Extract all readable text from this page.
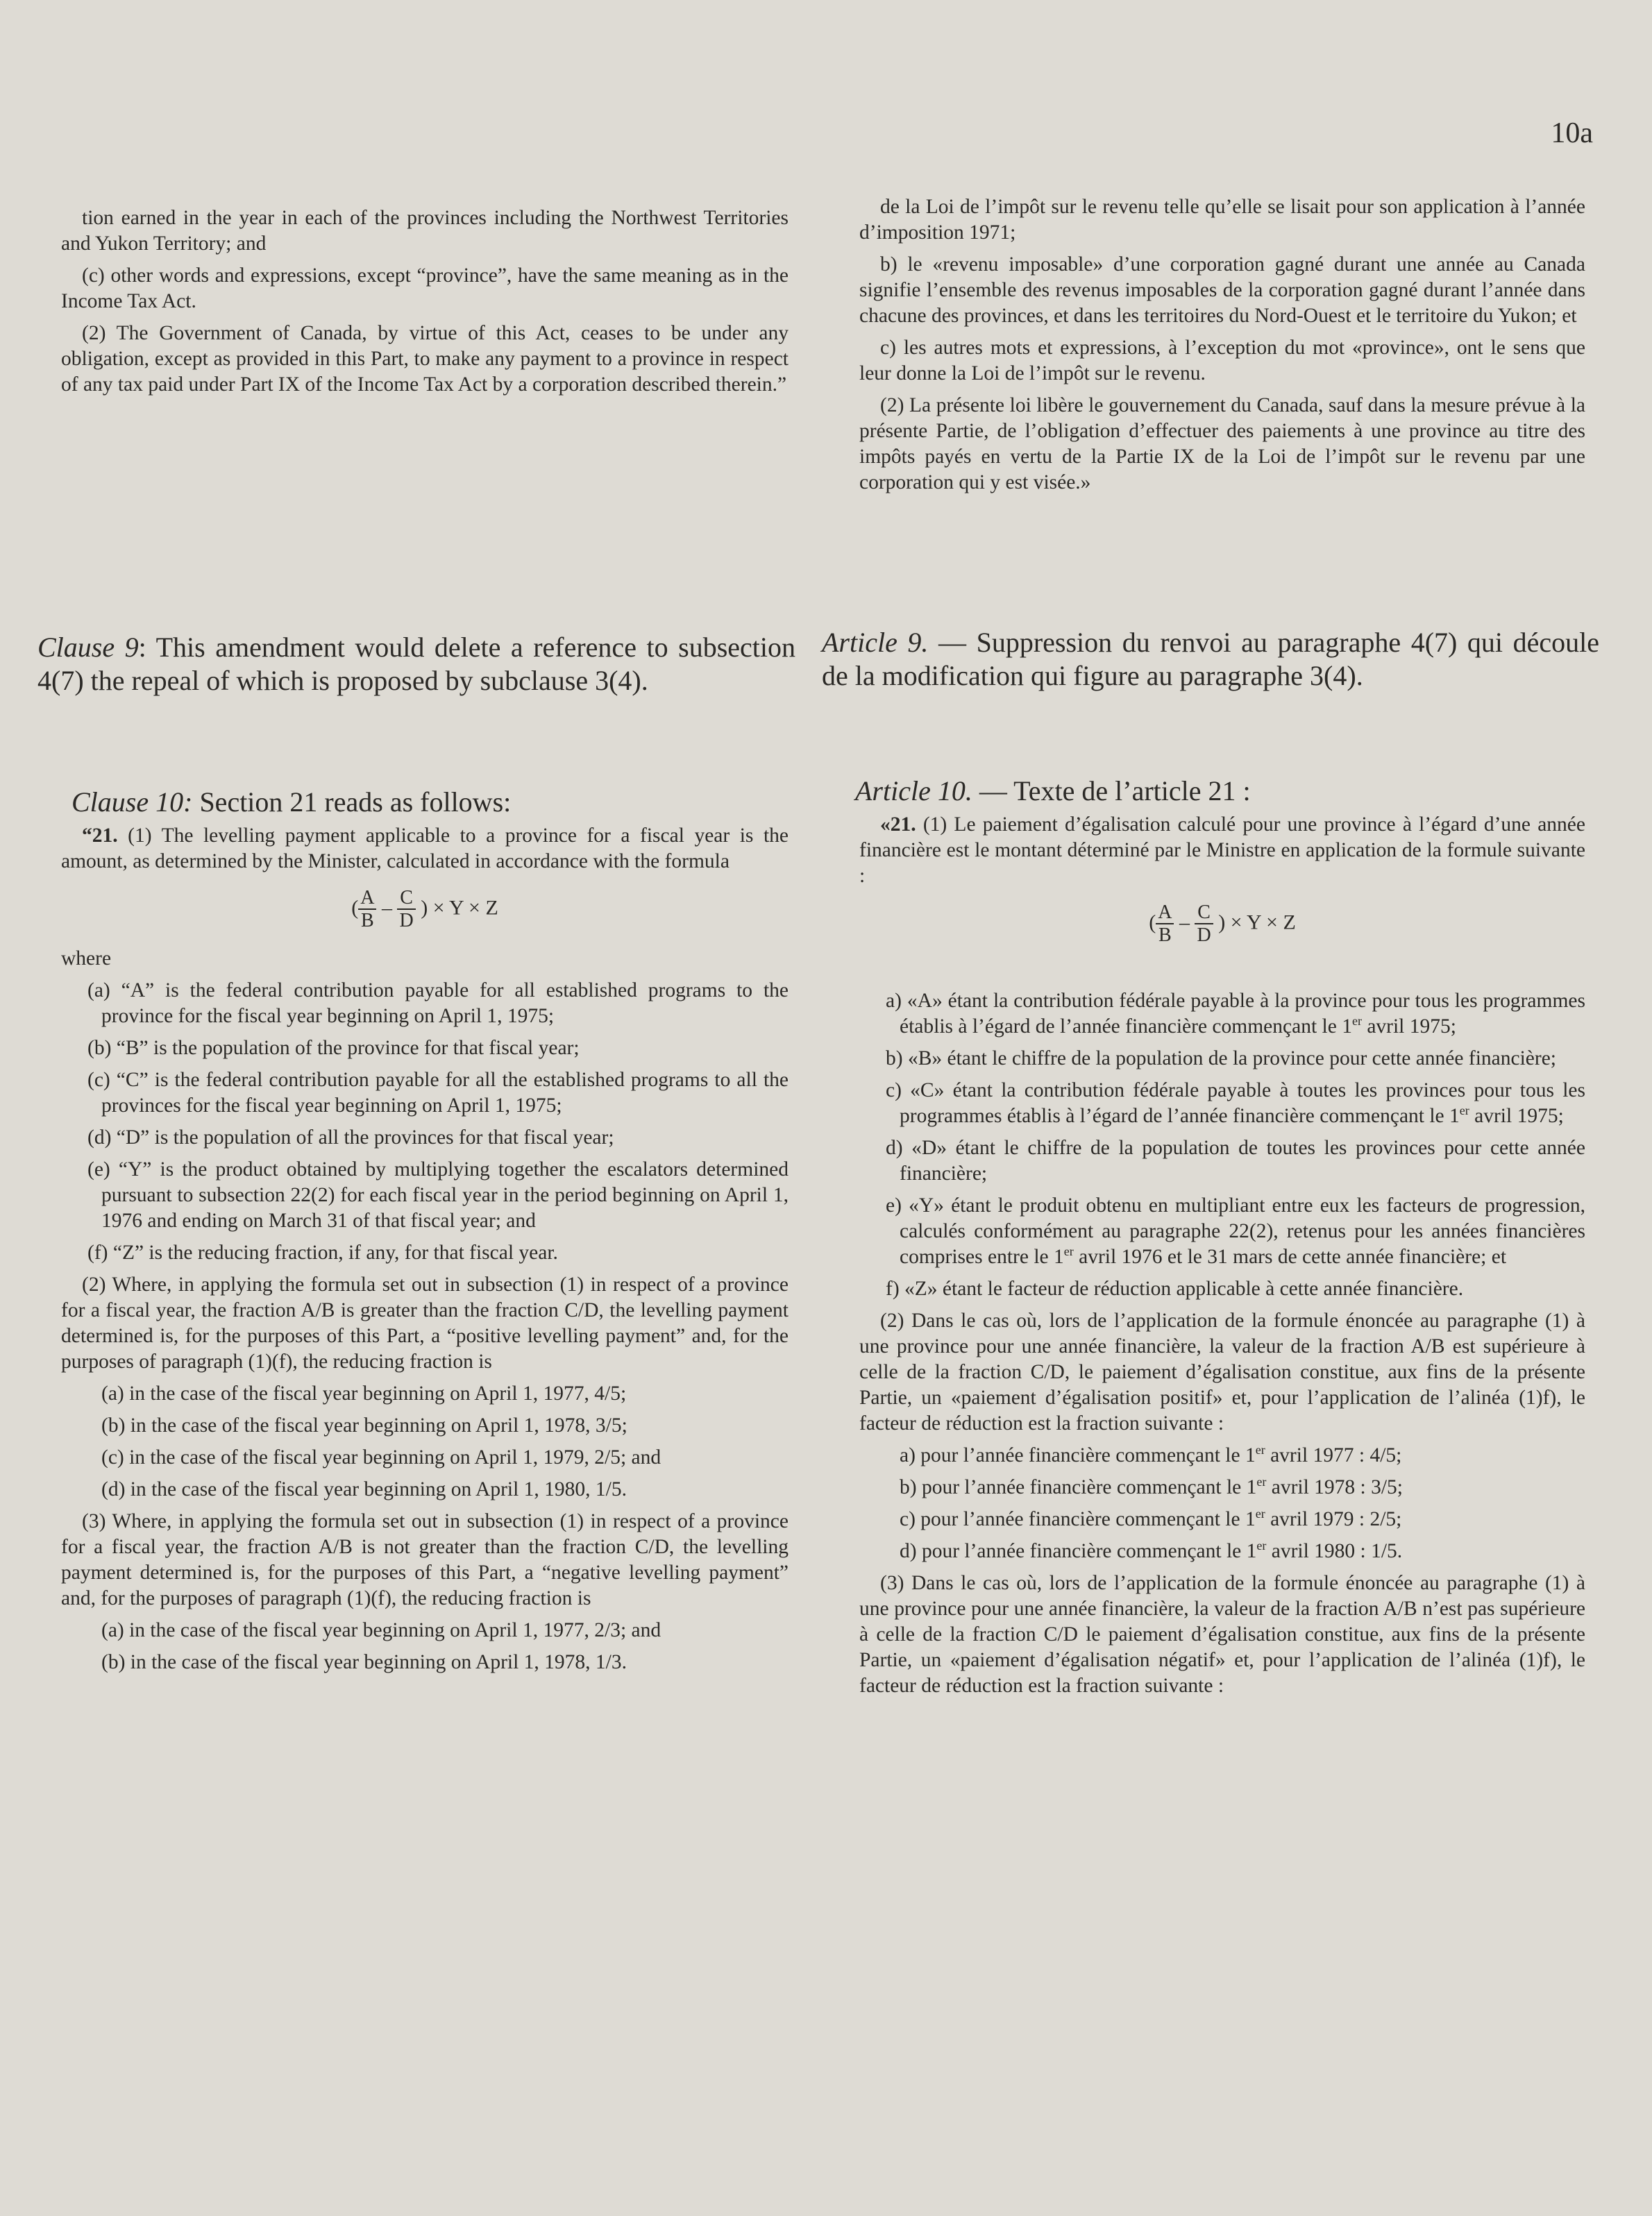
10a

tion earned in the year in each of the provinces including the Northwest Territories and Yukon Territory; and

(c) other words and expressions, except “province”, have the same meaning as in the Income Tax Act.

(2) The Government of Canada, by virtue of this Act, ceases to be under any obligation, except as provided in this Part, to make any payment to a province in respect of any tax paid under Part IX of the Income Tax Act by a corporation described therein.”

Clause 9: This amendment would delete a reference to subsection 4(7) the repeal of which is proposed by subclause 3(4).

Clause 10: Section 21 reads as follows:

“21. (1) The levelling payment applicable to a province for a fiscal year is the amount, as determined by the Minister, calculated in accordance with the formula

( $\frac{A}{B} - \frac{C}{D}$ ) × Y × Z

where

(a) “A” is the federal contribution payable for all established programs to the province for the fiscal year beginning on April 1, 1975;

(b) “B” is the population of the province for that fiscal year;

(c) “C” is the federal contribution payable for all the established programs to all the provinces for the fiscal year beginning on April 1, 1975;

(d) “D” is the population of all the provinces for that fiscal year;

(e) “Y” is the product obtained by multiplying together the escalators determined pursuant to subsection 22(2) for each fiscal year in the period beginning on April 1, 1976 and ending on March 31 of that fiscal year; and

(f) “Z” is the reducing fraction, if any, for that fiscal year.

(2) Where, in applying the formula set out in subsection (1) in respect of a province for a fiscal year, the fraction A/B is greater than the fraction C/D, the levelling payment determined is, for the purposes of this Part, a “positive levelling payment” and, for the purposes of paragraph (1)(f), the reducing fraction is

(a) in the case of the fiscal year beginning on April 1, 1977, 4/5;

(b) in the case of the fiscal year beginning on April 1, 1978, 3/5;

(c) in the case of the fiscal year beginning on April 1, 1979, 2/5; and

(d) in the case of the fiscal year beginning on April 1, 1980, 1/5.

(3) Where, in applying the formula set out in subsection (1) in respect of a province for a fiscal year, the fraction A/B is not greater than the fraction C/D, the levelling payment determined is, for the purposes of this Part, a “negative levelling payment” and, for the purposes of paragraph (1)(f), the reducing fraction is

(a) in the case of the fiscal year beginning on April 1, 1977, 2/3; and

(b) in the case of the fiscal year beginning on April 1, 1978, 1/3.

de la Loi de l’impôt sur le revenu telle qu’elle se lisait pour son application à l’année d’imposition 1971;

b) le «revenu imposable» d’une corporation gagné durant une année au Canada signifie l’ensemble des revenus imposables de la corporation gagné durant l’année dans chacune des provinces, et dans les territoires du Nord-Ouest et le territoire du Yukon; et

c) les autres mots et expressions, à l’exception du mot «province», ont le sens que leur donne la Loi de l’impôt sur le revenu.

(2) La présente loi libère le gouvernement du Canada, sauf dans la mesure prévue à la présente Partie, de l’obligation d’effectuer des paiements à une province au titre des impôts payés en vertu de la Partie IX de la Loi de l’impôt sur le revenu par une corporation qui y est visée.»

Article 9. — Suppression du renvoi au paragraphe 4(7) qui découle de la modification qui figure au paragraphe 3(4).

Article 10. — Texte de l’article 21 :

«21. (1) Le paiement d’égalisation calculé pour une province à l’égard d’une année financière est le montant déterminé par le Ministre en application de la formule suivante :

( $\frac{A}{B} - \frac{C}{D}$ ) × Y × Z

a) «A» étant la contribution fédérale payable à la province pour tous les programmes établis à l’égard de l’année financière commençant le 1er avril 1975;

b) «B» étant le chiffre de la population de la province pour cette année financière;

c) «C» étant la contribution fédérale payable à toutes les provinces pour tous les programmes établis à l’égard de l’année financière commençant le 1er avril 1975;

d) «D» étant le chiffre de la population de toutes les provinces pour cette année financière;

e) «Y» étant le produit obtenu en multipliant entre eux les facteurs de progression, calculés conformément au paragraphe 22(2), retenus pour les années financières comprises entre le 1er avril 1976 et le 31 mars de cette année financière; et

f) «Z» étant le facteur de réduction applicable à cette année financière.

(2) Dans le cas où, lors de l’application de la formule énoncée au paragraphe (1) à une province pour une année financière, la valeur de la fraction A/B est supérieure à celle de la fraction C/D, le paiement d’égalisation constitue, aux fins de la présente Partie, un «paiement d’égalisation positif» et, pour l’application de l’alinéa (1)f), le facteur de réduction est la fraction suivante :

a) pour l’année financière commençant le 1er avril 1977 : 4/5;

b) pour l’année financière commençant le 1er avril 1978 : 3/5;

c) pour l’année financière commençant le 1er avril 1979 : 2/5;

d) pour l’année financière commençant le 1er avril 1980 : 1/5.

(3) Dans le cas où, lors de l’application de la formule énoncée au paragraphe (1) à une province pour une année financière, la valeur de la fraction A/B n’est pas supérieure à celle de la fraction C/D le paiement d’égalisation constitue, aux fins de la présente Partie, un «paiement d’égalisation négatif» et, pour l’application de l’alinéa (1)f), le facteur de réduction est la fraction suivante :
